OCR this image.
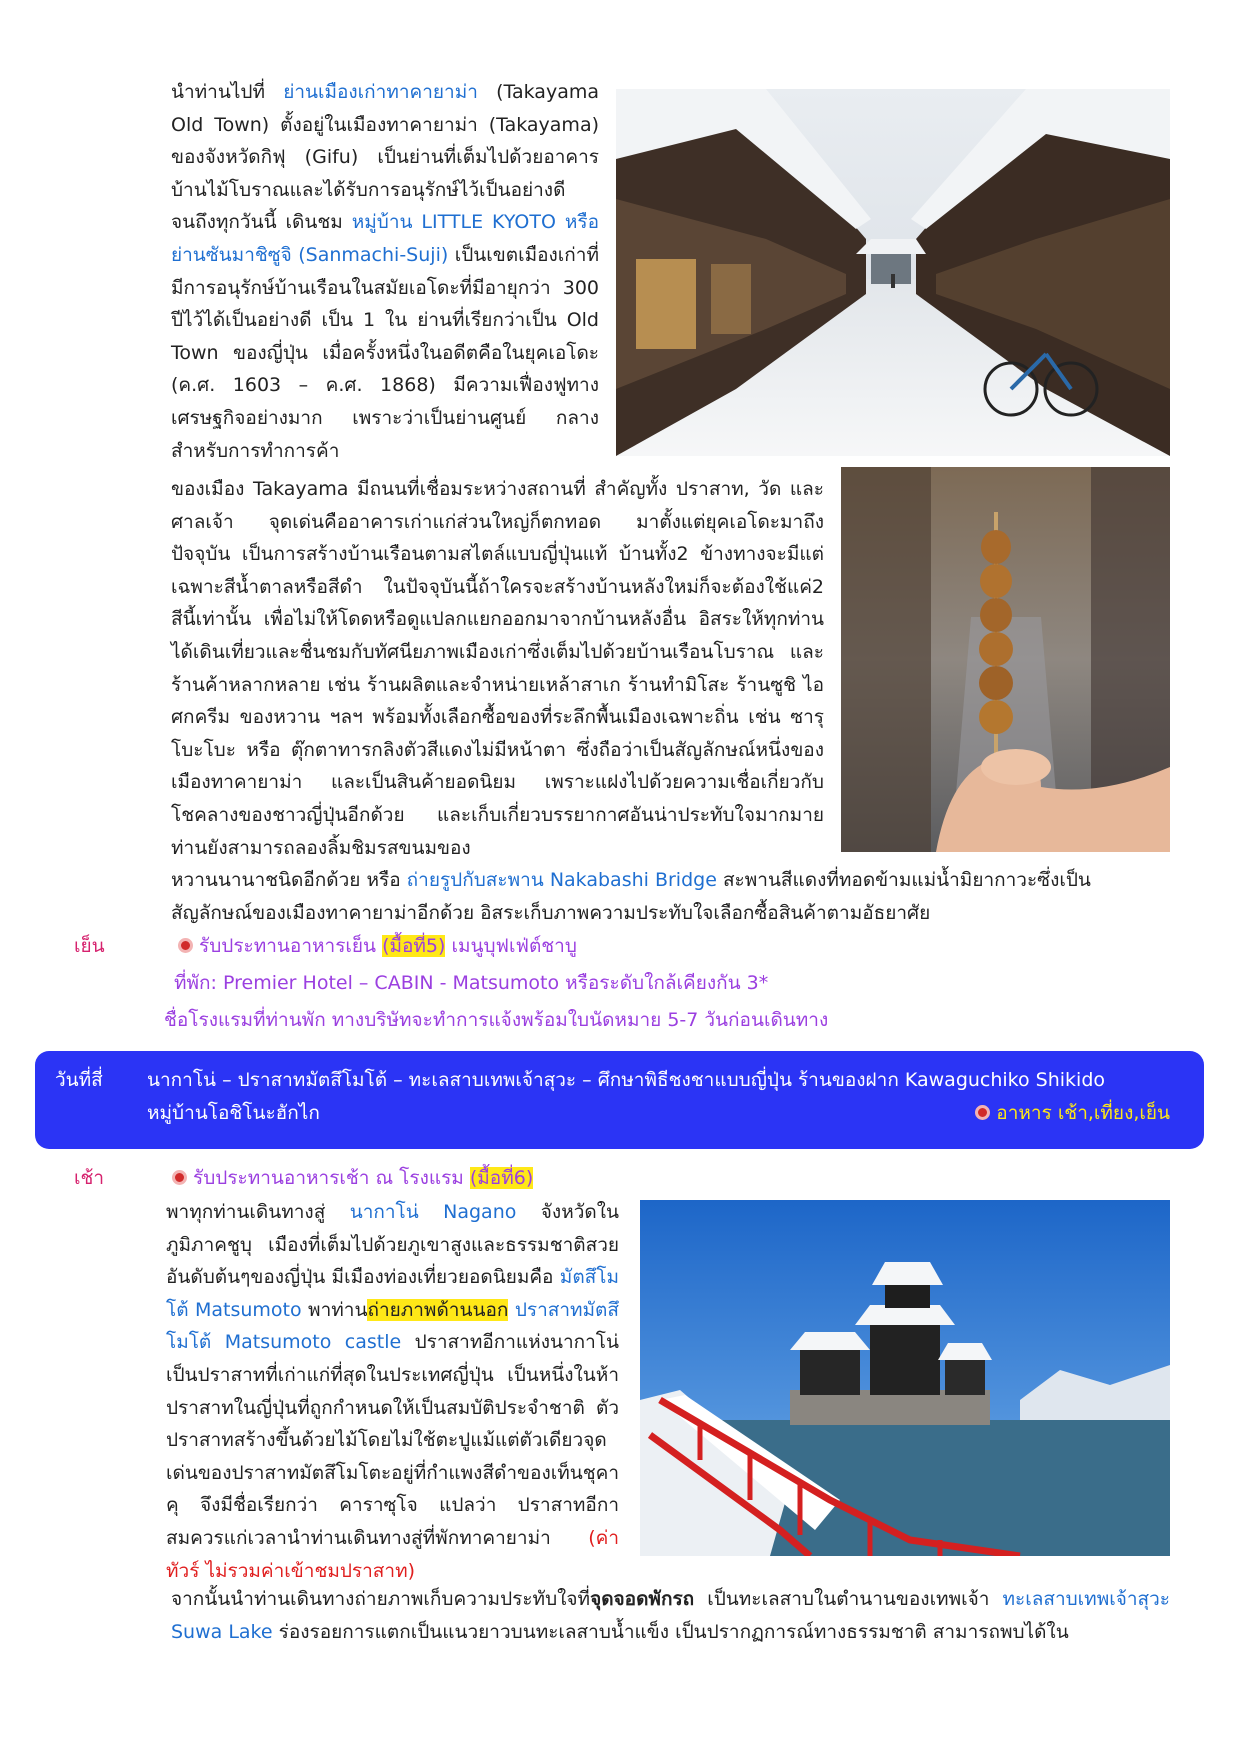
นำท่านไปที่ ย่านเมืองเก่าทาคายาม่า (Takayama Old Town) ตั้งอยู่ในเมืองทาคายาม่า (Takayama) ของจังหวัดกิฟุ (Gifu) เป็นย่านที่เต็มไปด้วยอาคารบ้านไม้โบราณและได้รับการอนุรักษ์ไว้เป็นอย่างดีจนถึงทุกวันนี้ เดินชม หมู่บ้าน LITTLE KYOTO หรือย่านซันมาชิซูจิ (Sanmachi-Suji) เป็นเขตเมืองเก่าที่มีการอนุรักษ์บ้านเรือนในสมัยเอโดะที่มีอายุกว่า 300 ปีไว้ได้เป็นอย่างดี เป็น 1 ใน ย่านที่เรียกว่าเป็น Old Town ของญี่ปุ่น เมื่อครั้งหนึ่งในอดีตคือในยุคเอโดะ (ค.ศ. 1603 – ค.ศ. 1868) มีความเฟื่องฟูทางเศรษฐกิจอย่างมาก เพราะว่าเป็นย่านศูนย์ กลางสำหรับการทำการค้า
ของเมือง Takayama มีถนนที่เชื่อมระหว่างสถานที่ สำคัญทั้ง ปราสาท, วัด และศาลเจ้า จุดเด่นคืออาคารเก่าแก่ส่วนใหญ่ก็ตกทอด มาตั้งแต่ยุคเอโดะมาถึงปัจจุบัน เป็นการสร้างบ้านเรือนตามสไตล์แบบญี่ปุ่นแท้ บ้านทั้ง2 ข้างทางจะมีแต่เฉพาะสีน้ำตาลหรือสีดำ ในปัจจุบันนี้ถ้าใครจะสร้างบ้านหลังใหม่ก็จะต้องใช้แค่2 สีนี้เท่านั้น เพื่อไม่ให้โดดหรือดูแปลกแยกออกมาจากบ้านหลังอื่น อิสระให้ทุกท่านได้เดินเที่ยวและชื่นชมกับทัศนียภาพเมืองเก่าซึ่งเต็มไปด้วยบ้านเรือนโบราณ และร้านค้าหลากหลาย เช่น ร้านผลิตและจำหน่ายเหล้าสาเก ร้านทำมิโสะ ร้านซูชิ ไอศกครีม ของหวาน ฯลฯ พร้อมทั้งเลือกซื้อของที่ระลึกพื้นเมืองเฉพาะถิ่น เช่น ซารุโบะโบะ หรือ ตุ๊กตาทารกลิงตัวสีแดงไม่มีหน้าตา ซึ่งถือว่าเป็นสัญลักษณ์หนึ่งของเมืองทาคายาม่า และเป็นสินค้ายอดนิยม เพราะแฝงไปด้วยความเชื่อเกี่ยวกับโชคลางของชาวญี่ปุ่นอีกด้วย และเก็บเกี่ยวบรรยากาศอันน่าประทับใจมากมาย ท่านยังสามารถลองลิ้มชิมรสขนมของ
หวานนานาชนิดอีกด้วย หรือ ถ่ายรูปกับสะพาน Nakabashi Bridge สะพานสีแดงที่ทอดข้ามแม่น้ำมิยากาวะซึ่งเป็นสัญลักษณ์ของเมืองทาคายาม่าอีกด้วย อิสระเก็บภาพความประทับใจเลือกซื้อสินค้าตามอัธยาศัย
เย็น	รับประทานอาหารเย็น (มื้อที่5) เมนูบุฟเฟ่ต์ชาบู
ที่พัก: Premier Hotel – CABIN - Matsumoto หรือระดับใกล้เคียงกัน 3*
ชื่อโรงแรมที่ท่านพัก ทางบริษัทจะทำการแจ้งพร้อมใบนัดหมาย 5-7 วันก่อนเดินทาง
วันที่สี่ นากาโน่ – ปราสาทมัตสึโมโต้ – ทะเลสาบเทพเจ้าสุวะ – ศึกษาพิธีชงชาแบบญี่ปุ่น ร้านของฝาก Kawaguchiko Shikido
หมู่บ้านโอชิโนะฮักไก	อาหาร เช้า,เที่ยง,เย็น
เช้า	รับประทานอาหารเช้า ณ โรงแรม (มื้อที่6)
พาทุกท่านเดินทางสู่ นากาโน่ Nagano จังหวัดในภูมิภาคชูบุ เมืองที่เต็มไปด้วยภูเขาสูงและธรรมชาติสวยอันดับต้นๆของญี่ปุ่น มีเมืองท่องเที่ยวยอดนิยมคือ มัตสึโมโต้ Matsumoto พาท่านถ่ายภาพด้านนอก ปราสาทมัตสึโมโต้ Matsumoto castle ปราสาทอีกาแห่งนากาโน่ เป็นปราสาทที่เก่าแก่ที่สุดในประเทศญี่ปุ่น เป็นหนึ่งในห้าปราสาทในญี่ปุ่นที่ถูกกำหนดให้เป็นสมบัติประจำชาติ ตัวปราสาทสร้างขึ้นด้วยไม้โดยไม่ใช้ตะปูแม้แต่ตัวเดียวจุดเด่นของปราสาทมัตสึโมโตะอยู่ที่กำแพงสีดำของเท็นชุคาคุ จึงมีชื่อเรียกว่า คาราซุโจ แปลว่า ปราสาทอีกา สมควรแก่เวลานำท่านเดินทางสู่ที่พักทาคายาม่า (ค่าทัวร์ ไม่รวมค่าเข้าชมปราสาท)
จากนั้นนำท่านเดินทางถ่ายภาพเก็บความประทับใจที่จุดจอดพักรถ เป็นทะเลสาบในตำนานของเทพเจ้า ทะเลสาบเทพเจ้าสุวะ Suwa Lake ร่องรอยการแตกเป็นแนวยาวบนทะเลสาบน้ำแข็ง เป็นปรากฏการณ์ทางธรรมชาติ สามารถพบได้ใน
